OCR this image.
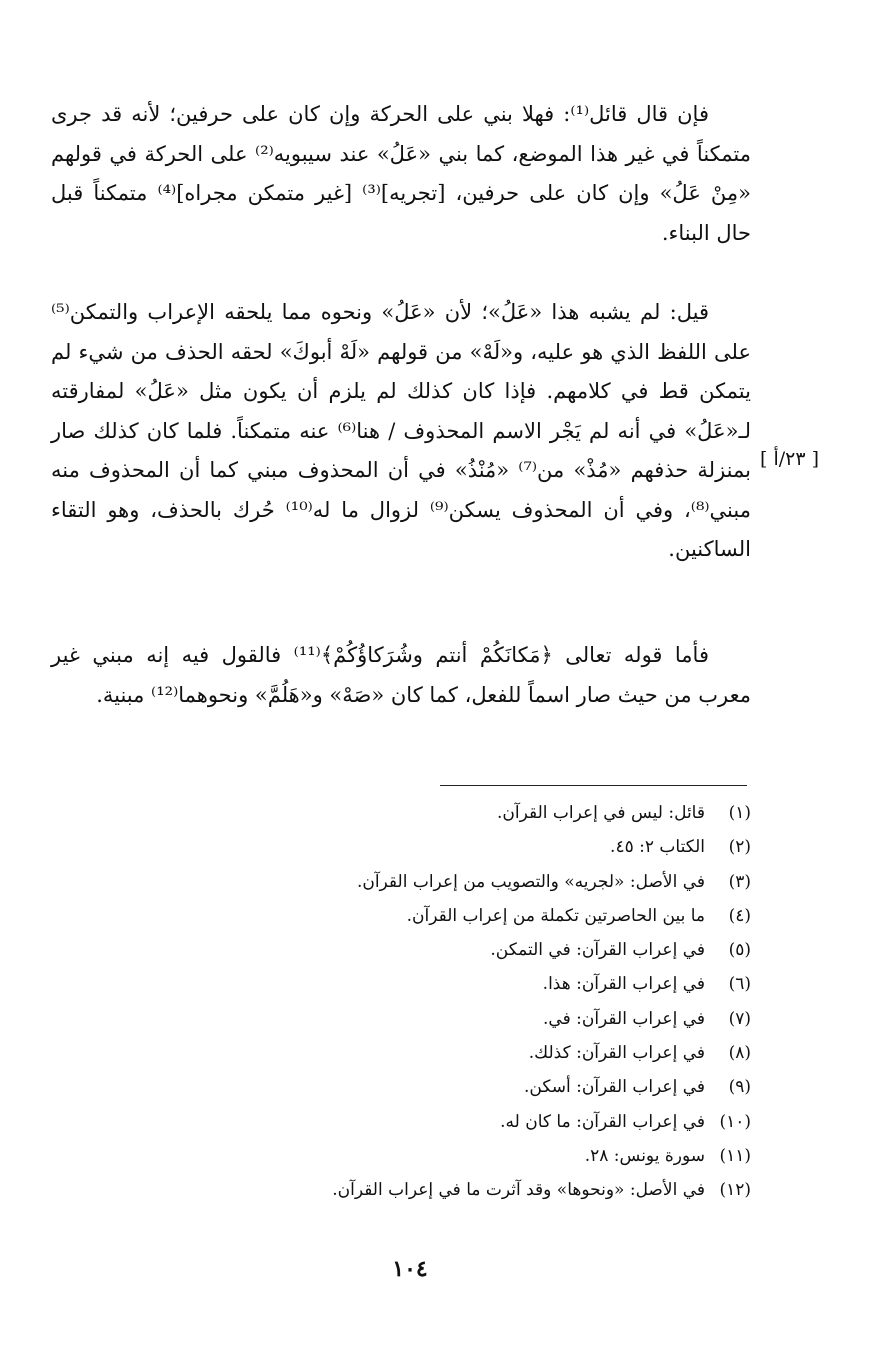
فإن قال قائل⁽¹⁾: فهلا بني على الحركة وإن كان على حرفين؛ لأنه قد جرى متمكناً في غير هذا الموضع، كما بني «عَلُ» عند سيبويه⁽²⁾ على الحركة في قولهم «مِنْ عَلُ» وإن كان على حرفين، [تجريه]⁽³⁾ [غير متمكن مجراه]⁽⁴⁾ متمكناً قبل حال البناء.

قيل: لم يشبه هذا «عَلُ»؛ لأن «عَلُ» ونحوه مما يلحقه الإعراب والتمكن⁽⁵⁾ على اللفظ الذي هو عليه، و«لَهْ» من قولهم «لَهْ أبوكَ» لحقه الحذف من شيء لم يتمكن قط في كلامهم. فإذا كان كذلك لم يلزم أن يكون مثل «عَلُ» لمفارقته لـ«عَلُ» في أنه لم يَجْر الاسم المحذوف / هنا⁽⁶⁾ عنه متمكناً. فلما كان كذلك صار بمنزلة حذفهم «مُذْ» من⁽⁷⁾ «مُنْذُ» في أن المحذوف مبني كما أن المحذوف منه مبني⁽⁸⁾، وفي أن المحذوف يسكن⁽⁹⁾ لزوال ما له⁽¹⁰⁾ حُرك بالحذف، وهو التقاء الساكنين.

فأما قوله تعالى ﴿مَكانَكُمْ أنتم وشُرَكاؤُكُمْ﴾⁽¹¹⁾ فالقول فيه إنه مبني غير معرب من حيث صار اسماً للفعل، كما كان «صَهْ» و«هَلُمَّ» ونحوهما⁽¹²⁾ مبنية.

[ ٢٣/أ ]
(١)قائل: ليس في إعراب القرآن.
(٢)الكتاب ٢: ٤٥.
(٣)في الأصل: «لجريه» والتصويب من إعراب القرآن.
(٤)ما بين الحاصرتين تكملة من إعراب القرآن.
(٥)في إعراب القرآن: في التمكن.
(٦)في إعراب القرآن: هذا.
(٧)في إعراب القرآن: في.
(٨)في إعراب القرآن: كذلك.
(٩)في إعراب القرآن: أسكن.
(١٠)في إعراب القرآن: ما كان له.
(١١)سورة يونس: ٢٨.
(١٢)في الأصل: «ونحوها» وقد آثرت ما في إعراب القرآن.
١٠٤
